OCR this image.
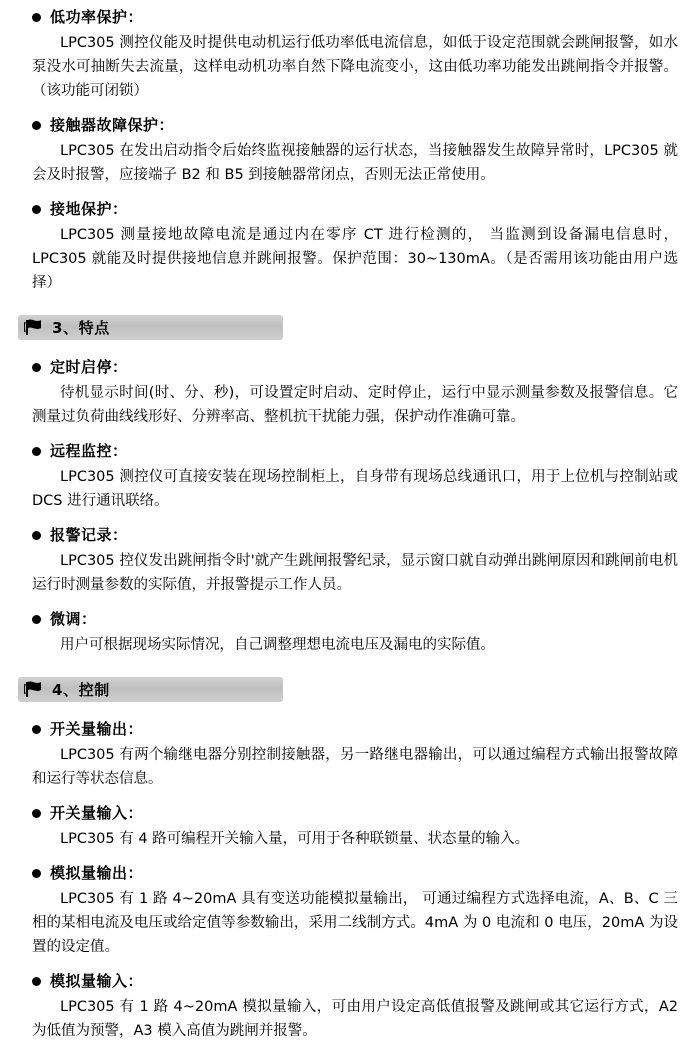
低功率保护：

LPC305 测控仪能及时提供电动机运行低功率低电流信息，如低于设定范围就会跳闸报警，如水泵没水可抽断失去流量，这样电动机功率自然下降电流变小，这由低功率功能发出跳闸指令并报警。（该功能可闭锁）

接触器故障保护：

LPC305 在发出启动指令后始终监视接触器的运行状态，当接触器发生故障异常时，LPC305 就会及时报警，应接端子 B2 和 B5 到接触器常闭点，否则无法正常使用。

接地保护：

LPC305 测量接地故障电流是通过内在零序 CT 进行检测的， 当监测到设备漏电信息时，LPC305 就能及时提供接地信息并跳闸报警。保护范围：30~130mA。（是否需用该功能由用户选择）

3、特点
定时启停：

待机显示时间(时、分、秒)，可设置定时启动、定时停止，运行中显示测量参数及报警信息。它测量过负荷曲线线形好、分辨率高、整机抗干扰能力强，保护动作准确可靠。

远程监控：

LPC305 测控仪可直接安装在现场控制柜上，自身带有现场总线通讯口，用于上位机与控制站或 DCS 进行通讯联络。

报警记录：

LPC305 控仪发出跳闸指令时'就产生跳闸报警纪录，显示窗口就自动弹出跳闸原因和跳闸前电机运行时测量参数的实际值，并报警提示工作人员。

微调：

用户可根据现场实际情况，自己调整理想电流电压及漏电的实际值。

4、控制
开关量输出：

LPC305 有两个输继电器分别控制接触器，另一路继电器输出，可以通过编程方式输出报警故障和运行等状态信息。

开关量输入：

LPC305 有 4 路可编程开关输入量，可用于各种联锁量、状态量的输入。

模拟量输出：

LPC305 有 1 路 4~20mA 具有变送功能模拟量输出， 可通过编程方式选择电流，A、B、C 三相的某相电流及电压或给定值等参数输出，采用二线制方式。4mA 为 0 电流和 0 电压，20mA 为设置的设定值。

模拟量输入：

LPC305 有 1 路 4~20mA 模拟量输入，可由用户设定高低值报警及跳闸或其它运行方式，A2 为低值为预警，A3 模入高值为跳闸并报警。
